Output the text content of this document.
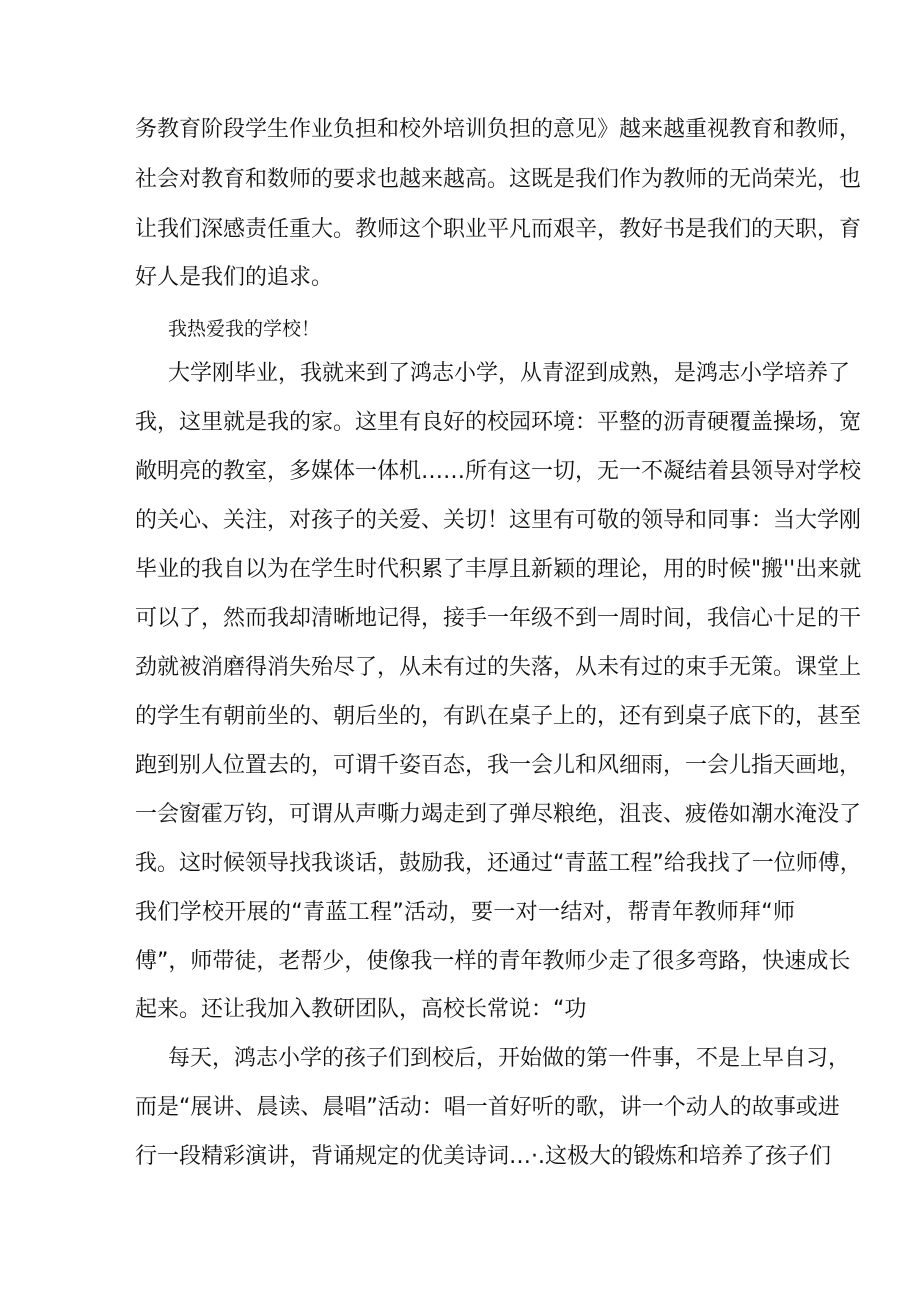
务教育阶段学生作业负担和校外培训负担的意见》越来越重视教育和教师，
社会对教育和数师的要求也越来越高。这既是我们作为教师的无尚荣光，也
让我们深感责任重大。教师这个职业平凡而艰辛，教好书是我们的天职，育
好人是我们的追求。
我热爱我的学校！
大学刚毕业，我就来到了鸿志小学，从青涩到成熟，是鸿志小学培养了
我，这里就是我的家。这里有良好的校园环境：平整的沥青硬覆盖操场，宽
敞明亮的教室，多媒体一体机……所有这一切，无一不凝结着县领导对学校
的关心、关注，对孩子的关爱、关切！这里有可敬的领导和同事：当大学刚
毕业的我自以为在学生时代积累了丰厚且新颖的理论，用的时候"搬''出来就
可以了，然而我却清晰地记得，接手一年级不到一周时间，我信心十足的干
劲就被消磨得消失殆尽了，从未有过的失落，从未有过的束手无策。课堂上
的学生有朝前坐的、朝后坐的，有趴在桌子上的，还有到桌子底下的，甚至
跑到别人位置去的，可谓千姿百态，我一会儿和风细雨，一会儿指天画地，
一会窗霍万钧，可谓从声嘶力竭走到了弹尽粮绝，沮丧、疲倦如潮水淹没了
我。这时候领导找我谈话，鼓励我，还通过“青蓝工程”给我找了一位师傅，
我们学校开展的“青蓝工程”活动，要一对一结对，帮青年教师拜“师
傅”，师带徒，老帮少，使像我一样的青年教师少走了很多弯路，快速成长
起来。还让我加入教研团队，高校长常说：“功
每天，鸿志小学的孩子们到校后，开始做的第一件事，不是上早自习，
而是“展讲、晨读、晨唱”活动：唱一首好听的歌，讲一个动人的故事或进
行一段精彩演讲，背诵规定的优美诗词…·.这极大的锻炼和培养了孩子们
